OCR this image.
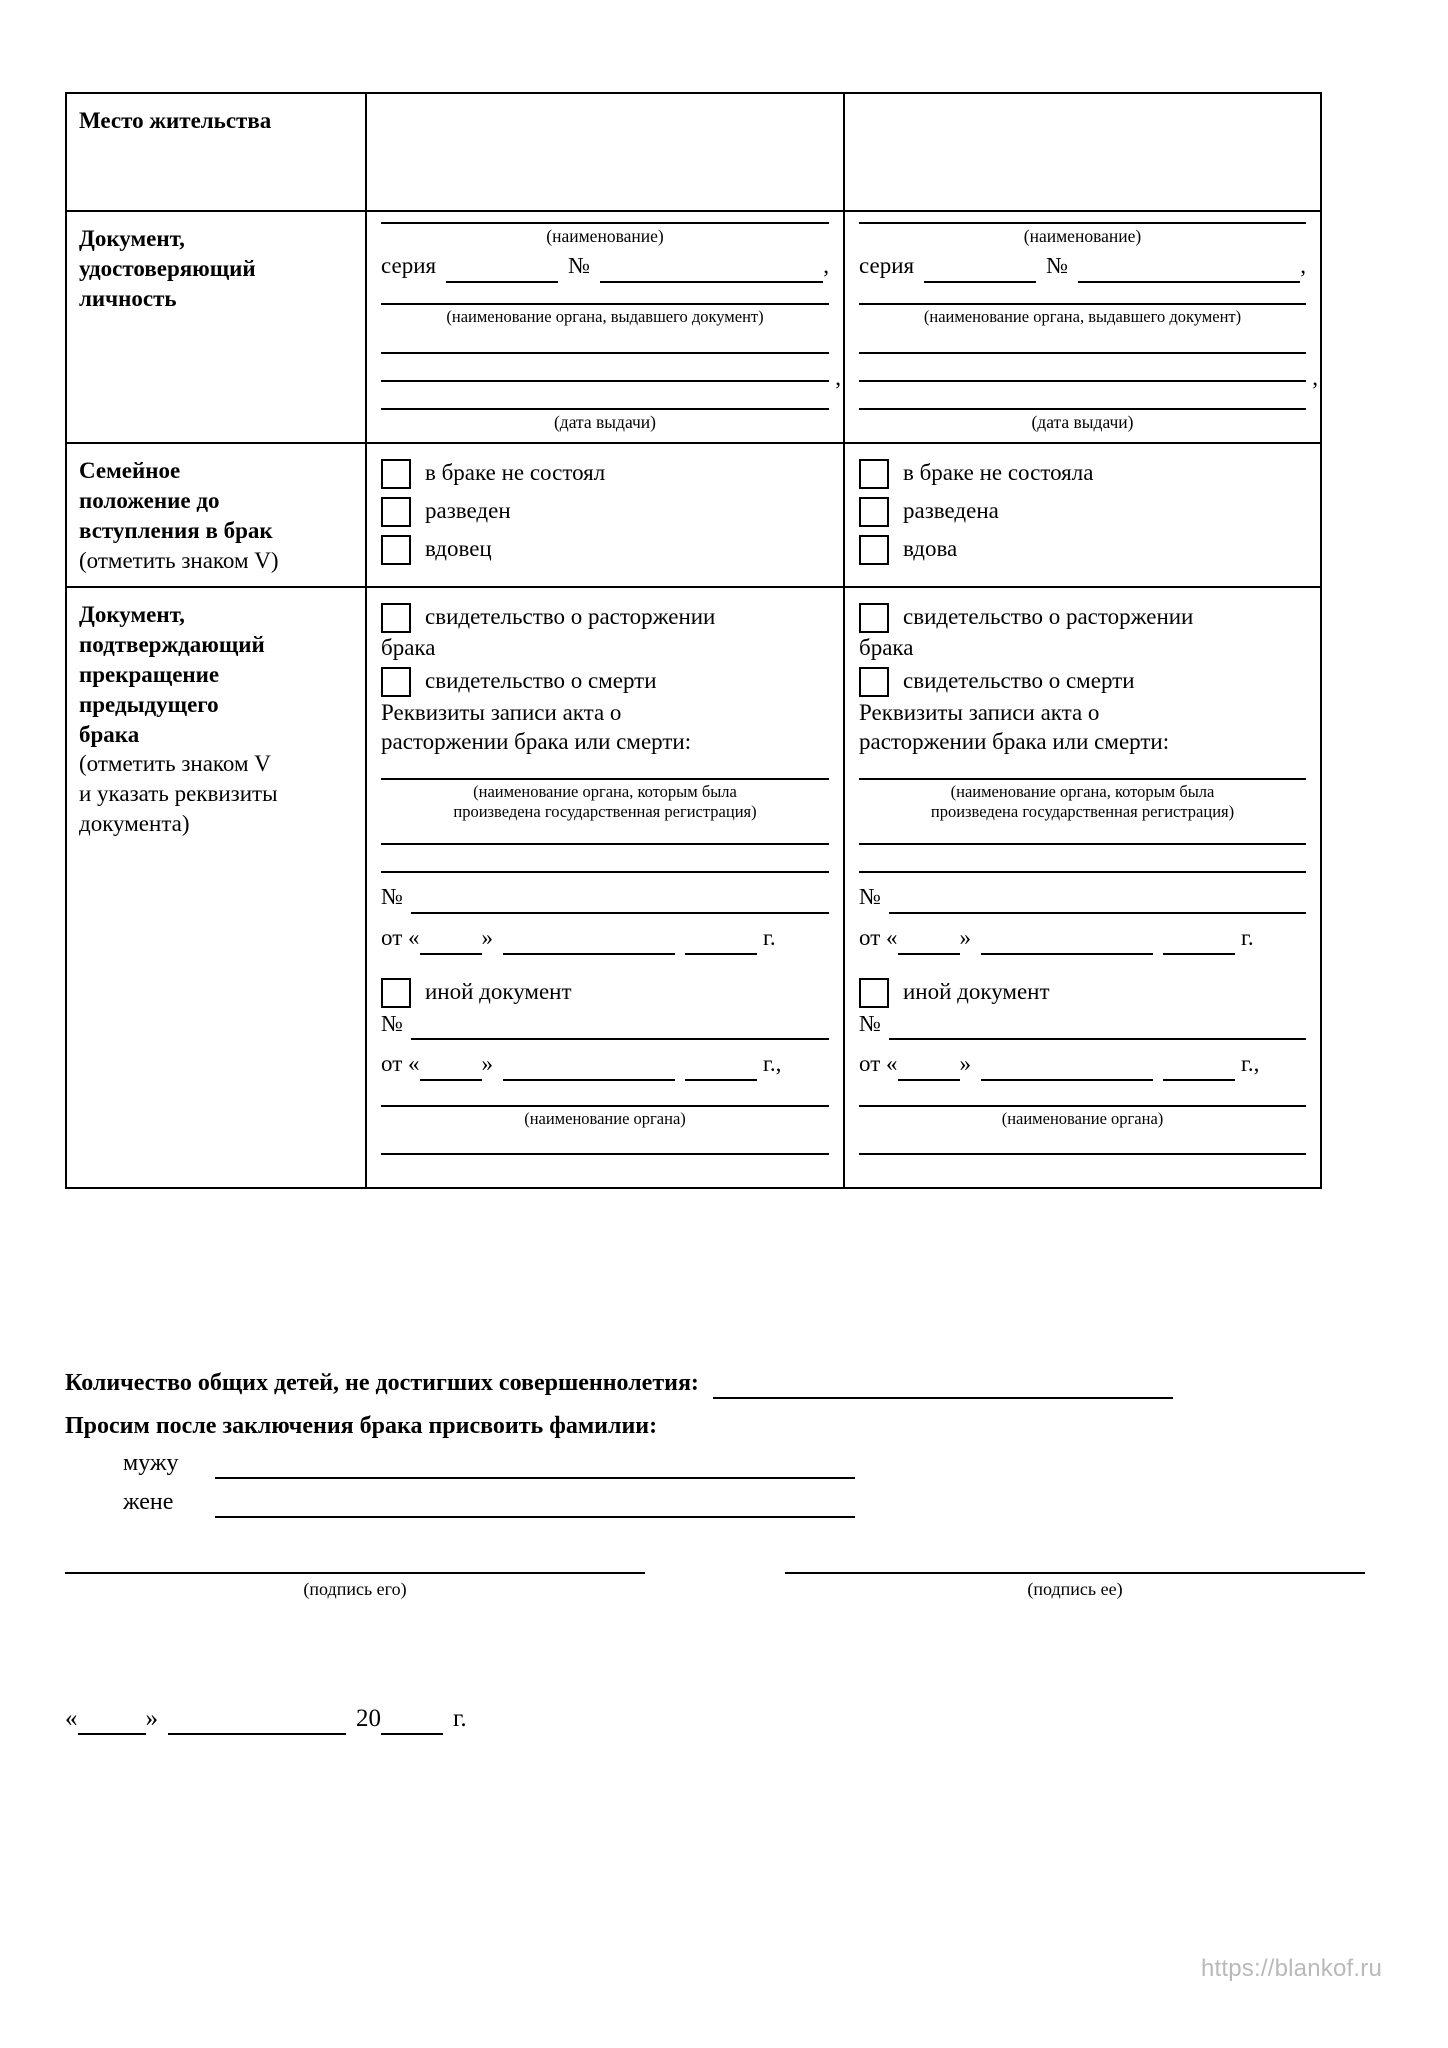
Место жительства		

Документ,
удостоверяющий
личность

(наименование)
серия	№	,
(наименование органа, выдавшего документ)
,
(дата выдачи)

(наименование)
серия	№	,
(наименование органа, выдавшего документ)
,
(дата выдачи)

Семейное
положение до
вступления в брак
(отметить знаком V)

в браке не состоял
разведен
вдовец

в браке не состояла
разведена
вдова

Документ,
подтверждающий
прекращение
предыдущего
брака
(отметить знаком V
и указать реквизиты
документа)

свидетельство о расторжении
брака
свидетельство о смерти
Реквизиты записи акта о
расторжении брака или смерти:
(наименование органа, которым была
произведена государственная регистрация)
№
от «	»	г.
иной документ
№
от «	»	г.,
(наименование органа)

свидетельство о расторжении
брака
свидетельство о смерти
Реквизиты записи акта о
расторжении брака или смерти:
(наименование органа, которым была
произведена государственная регистрация)
№
от «	»	г.
иной документ
№
от «	»	г.,
(наименование органа)
Количество общих детей, не достигших совершеннолетия:
Просим после заключения брака присвоить фамилии:
мужу
жене
(подпись его)	(подпись ее)
«	»	20	г.
https://blankof.ru
